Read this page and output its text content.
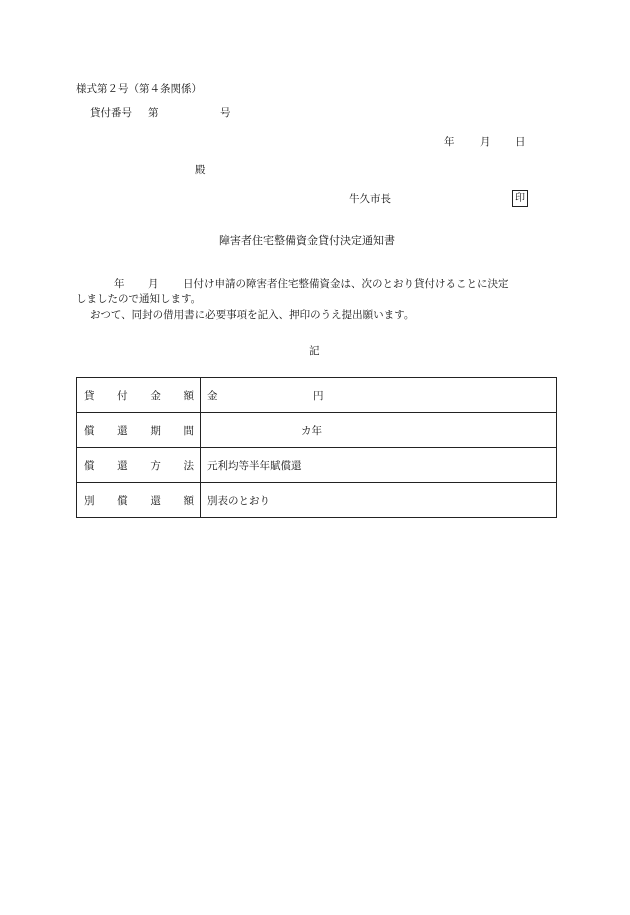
様式第２号（第４条関係）
貸付番号 第	号
年 月 日
殿
牛久市長	印
障害者住宅整備資金貸付決定通知書
年 月 日付け申請の障害者住宅整備資金は、次のとおり貸付けることに決定
しましたので通知します。
おつて、同封の借用書に必要事項を記入、押印のうえ提出願います。
記
貸 付 金 額	金 円

償 還 期 間	カ年

償 還 方 法	元利均等半年賦償還

別 償 還 額	別表のとおり
